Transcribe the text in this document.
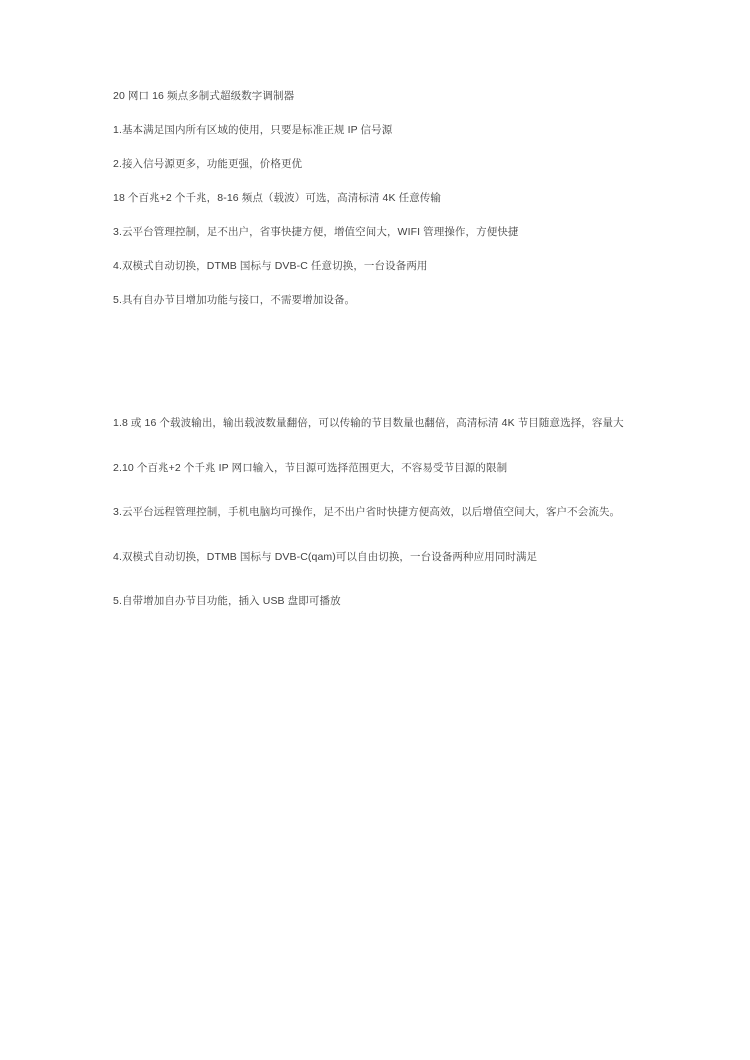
20 网口 16 频点多制式超级数字调制器

1.基本满足国内所有区域的使用，只要是标准正规 IP 信号源

2.接入信号源更多，功能更强，价格更优

18 个百兆+2 个千兆，8-16 频点（载波）可选，高清标清 4K 任意传输

3.云平台管理控制，足不出户，省事快捷方便，增值空间大，WIFI 管理操作，方便快捷

4.双模式自动切换，DTMB 国标与 DVB-C 任意切换，一台设备两用

5.具有自办节目增加功能与接口，不需要增加设备。

1.8 或 16 个载波输出，输出载波数量翻倍，可以传输的节目数量也翻倍，高清标清 4K 节目随意选择，容量大

2.10 个百兆+2 个千兆 IP 网口输入，节目源可选择范围更大，不容易受节目源的限制

3.云平台远程管理控制，手机电脑均可操作，足不出户省时快捷方便高效，以后增值空间大，客户不会流失。

4.双模式自动切换，DTMB 国标与 DVB-C(qam)可以自由切换，一台设备两种应用同时满足

5.自带增加自办节目功能，插入 USB 盘即可播放
